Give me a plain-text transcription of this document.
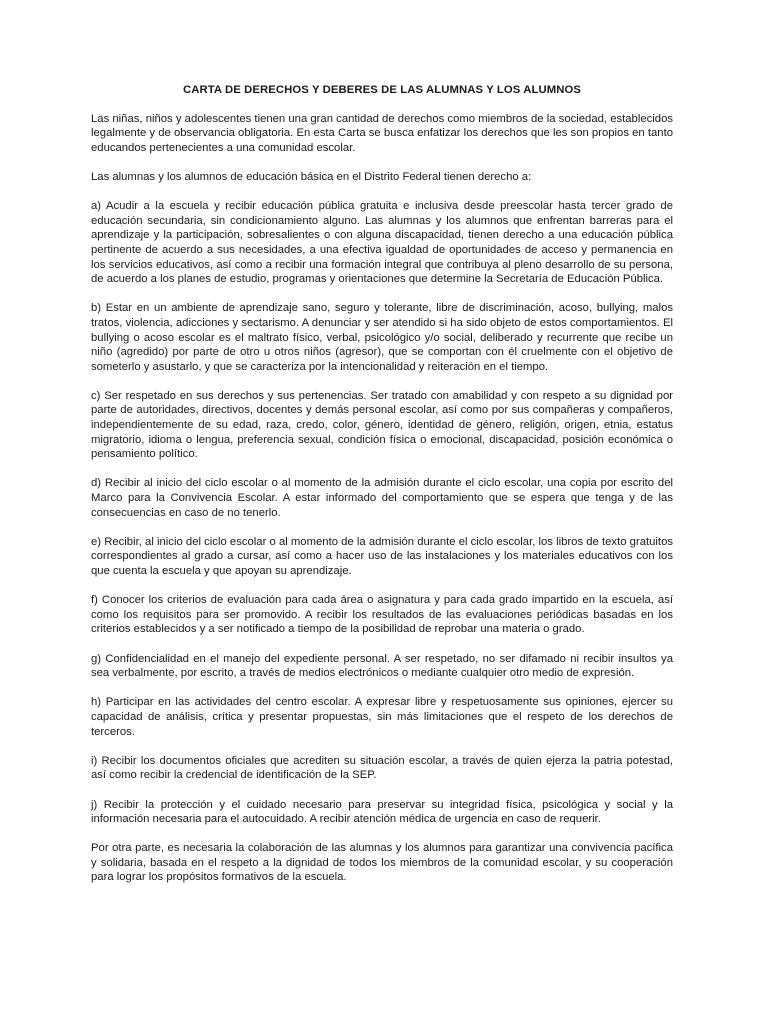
CARTA DE DERECHOS Y DEBERES DE LAS ALUMNAS Y LOS ALUMNOS

Las niñas, niños y adolescentes tienen una gran cantidad de derechos como miembros de la sociedad, establecidos legalmente y de observancia obligatoria. En esta Carta se busca enfatizar los derechos que les son propios en tanto educandos pertenecientes a una comunidad escolar.

Las alumnas y los alumnos de educación básica en el Distrito Federal tienen derecho a:

a) Acudir a la escuela y recibir educación pública gratuita e inclusiva desde preescolar hasta tercer grado de educación secundaria, sin condicionamiento alguno. Las alumnas y los alumnos que enfrentan barreras para el aprendizaje y la participación, sobresalientes o con alguna discapacidad, tienen derecho a una educación pública pertinente de acuerdo a sus necesidades, a una efectiva igualdad de oportunidades de acceso y permanencia en los servicios educativos, así como a recibir una formación integral que contribuya al pleno desarrollo de su persona, de acuerdo a los planes de estudio, programas y orientaciones que determine la Secretaría de Educación Pública.

b) Estar en un ambiente de aprendizaje sano, seguro y tolerante, libre de discriminación, acoso, bullying, malos tratos, violencia, adicciones y sectarismo. A denunciar y ser atendido si ha sido objeto de estos comportamientos. El bullying o acoso escolar es el maltrato físico, verbal, psicológico y/o social, deliberado y recurrente que recibe un niño (agredido) por parte de otro u otros niños (agresor), que se comportan con él cruelmente con el objetivo de someterlo y asustarlo, y que se caracteriza por la intencionalidad y reiteración en el tiempo.

c) Ser respetado en sus derechos y sus pertenencias. Ser tratado con amabilidad y con respeto a su dignidad por parte de autoridades, directivos, docentes y demás personal escolar, así como por sus compañeras y compañeros, independientemente de su edad, raza, credo, color, género, identidad de género, religión, origen, etnia, estatus migratorio, idioma o lengua, preferencia sexual, condición física o emocional, discapacidad, posición económica o pensamiento político.

d) Recibir al inicio del ciclo escolar o al momento de la admisión durante el ciclo escolar, una copia por escrito del Marco para la Convivencia Escolar. A estar informado del comportamiento que se espera que tenga y de las consecuencias en caso de no tenerlo.

e) Recibir, al inicio del ciclo escolar o al momento de la admisión durante el ciclo escolar, los libros de texto gratuitos correspondientes al grado a cursar, así como a hacer uso de las instalaciones y los materiales educativos con los que cuenta la escuela y que apoyan su aprendizaje.

f) Conocer los criterios de evaluación para cada área o asignatura y para cada grado impartido en la escuela, así como los requisitos para ser promovido. A recibir los resultados de las evaluaciones periódicas basadas en los criterios establecidos y a ser notificado a tiempo de la posibilidad de reprobar una materia o grado.

g) Confidencialidad en el manejo del expediente personal. A ser respetado, no ser difamado ni recibir insultos ya sea verbalmente, por escrito, a través de medios electrónicos o mediante cualquier otro medio de expresión.

h) Participar en las actividades del centro escolar. A expresar libre y respetuosamente sus opiniones, ejercer su capacidad de análisis, crítica y presentar propuestas, sin más limitaciones que el respeto de los derechos de terceros.

i) Recibir los documentos oficiales que acrediten su situación escolar, a través de quien ejerza la patria potestad, así como recibir la credencial de identificación de la SEP.

j) Recibir la protección y el cuidado necesario para preservar su integridad física, psicológica y social y la información necesaria para el autocuidado. A recibir atención médica de urgencia en caso de requerir.

Por otra parte, es necesaria la colaboración de las alumnas y los alumnos para garantizar una convivencia pacífica y solidaria, basada en el respeto a la dignidad de todos los miembros de la comunidad escolar, y su cooperación para lograr los propósitos formativos de la escuela.
